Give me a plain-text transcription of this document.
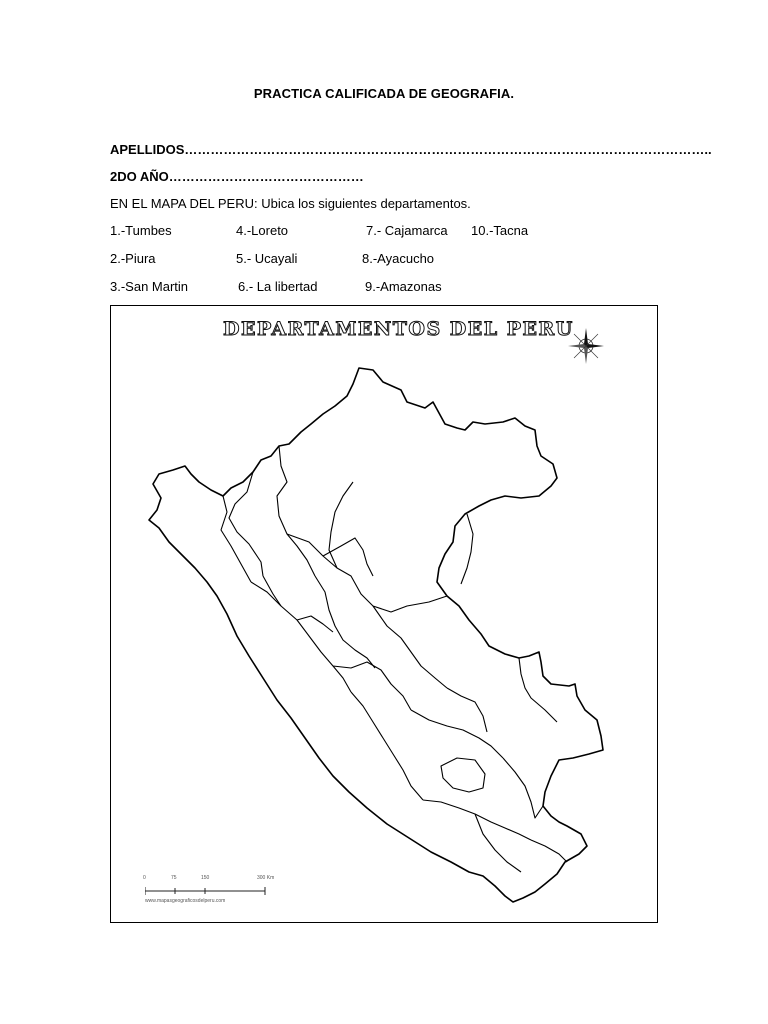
PRACTICA CALIFICADA DE GEOGRAFIA.
APELLIDOS…………………………………………………………………………………………………………..
2DO AÑO………………………………………
EN EL MAPA DEL PERU: Ubica los siguientes departamentos.
1.-Tumbes	4.-Loreto	7.- Cajamarca 10.-Tacna
2.-Piura	5.- Ucayali	8.-Ayacucho
3.-San Martin	6.- La libertad	9.-Amazonas
DEPARTAMENTOS DEL PERU
0	75	150	300 Km
www.mapasgeograficosdelperu.com
